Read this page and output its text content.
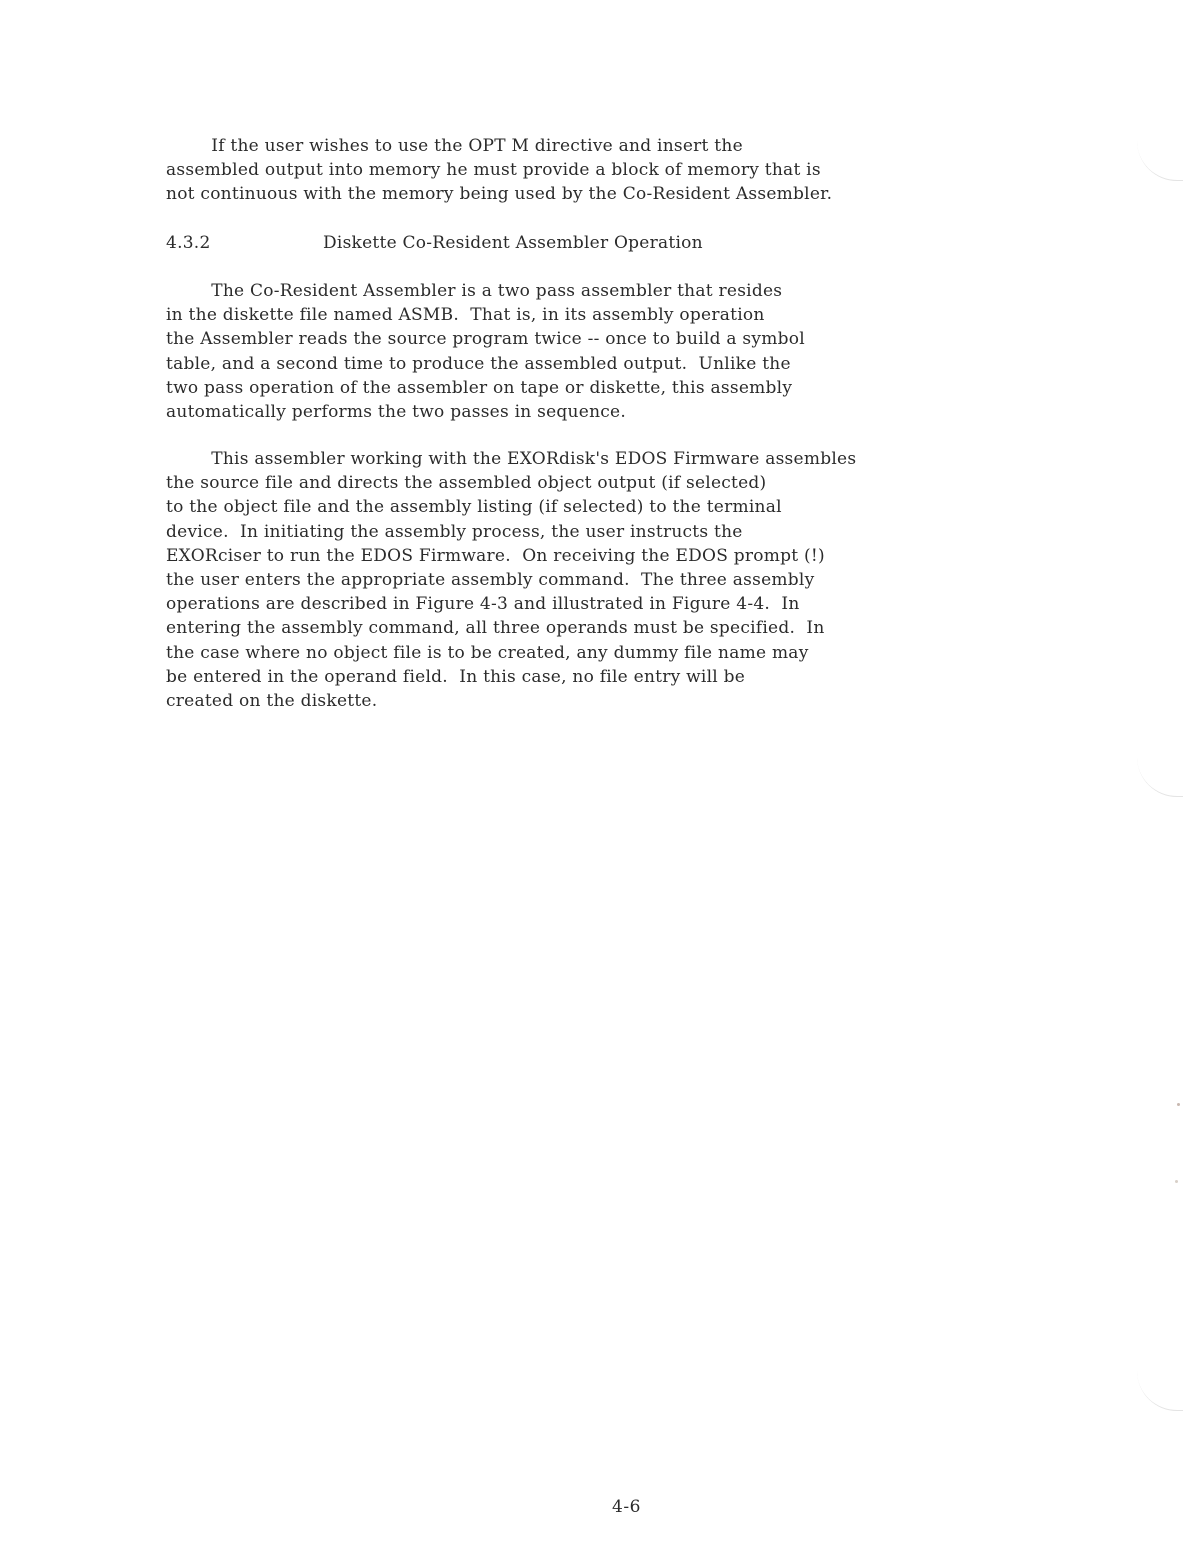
If the user wishes to use the OPT M directive and insert the
assembled output into memory he must provide a block of memory that is
not continuous with the memory being used by the Co-Resident Assembler.

4.3.2

	Diskette Co-Resident Assembler Operation

The Co-Resident Assembler is a two pass assembler that resides
in the diskette file named ASMB.  That is, in its assembly operation
the Assembler reads the source program twice -- once to build a symbol
table, and a second time to produce the assembled output.  Unlike the
two pass operation of the assembler on tape or diskette, this assembly
automatically performs the two passes in sequence.

This assembler working with the EXORdisk's EDOS Firmware assembles
the source file and directs the assembled object output (if selected)
to the object file and the assembly listing (if selected) to the terminal
device.  In initiating the assembly process, the user instructs the
EXORciser to run the EDOS Firmware.  On receiving the EDOS prompt (!)
the user enters the appropriate assembly command.  The three assembly
operations are described in Figure 4-3 and illustrated in Figure 4-4.  In
entering the assembly command, all three operands must be specified.  In
the case where no object file is to be created, any dummy file name may
be entered in the operand field.  In this case, no file entry will be
created on the diskette.

4-6
